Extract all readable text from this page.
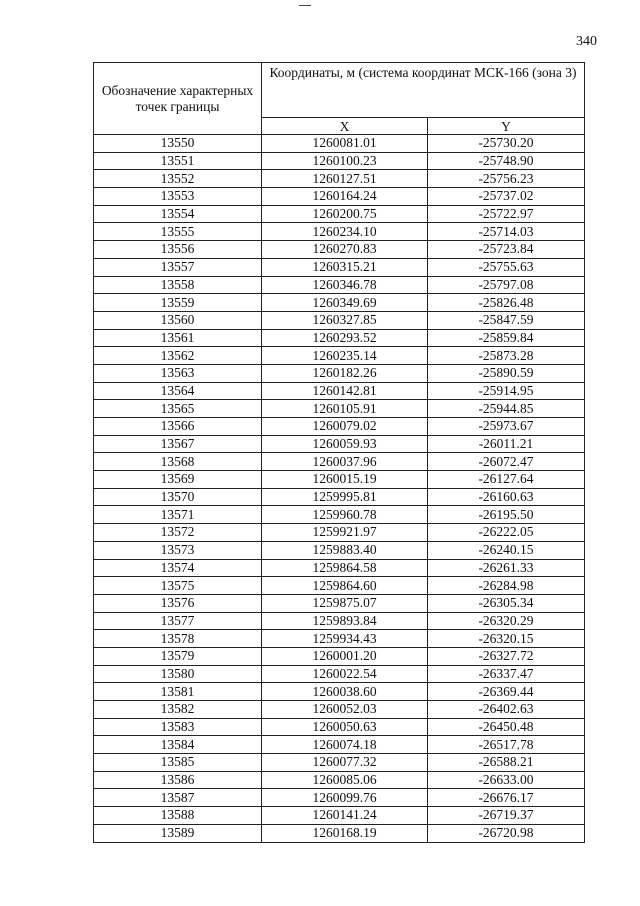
340
Обозначение характерных точек границы	Координаты, м (система координат МСК-166 (зона 3)	
	X	Y
13550	1260081.01	-25730.20
13551	1260100.23	-25748.90
13552	1260127.51	-25756.23
13553	1260164.24	-25737.02
13554	1260200.75	-25722.97
13555	1260234.10	-25714.03
13556	1260270.83	-25723.84
13557	1260315.21	-25755.63
13558	1260346.78	-25797.08
13559	1260349.69	-25826.48
13560	1260327.85	-25847.59
13561	1260293.52	-25859.84
13562	1260235.14	-25873.28
13563	1260182.26	-25890.59
13564	1260142.81	-25914.95
13565	1260105.91	-25944.85
13566	1260079.02	-25973.67
13567	1260059.93	-26011.21
13568	1260037.96	-26072.47
13569	1260015.19	-26127.64
13570	1259995.81	-26160.63
13571	1259960.78	-26195.50
13572	1259921.97	-26222.05
13573	1259883.40	-26240.15
13574	1259864.58	-26261.33
13575	1259864.60	-26284.98
13576	1259875.07	-26305.34
13577	1259893.84	-26320.29
13578	1259934.43	-26320.15
13579	1260001.20	-26327.72
13580	1260022.54	-26337.47
13581	1260038.60	-26369.44
13582	1260052.03	-26402.63
13583	1260050.63	-26450.48
13584	1260074.18	-26517.78
13585	1260077.32	-26588.21
13586	1260085.06	-26633.00
13587	1260099.76	-26676.17
13588	1260141.24	-26719.37
13589	1260168.19	-26720.98
